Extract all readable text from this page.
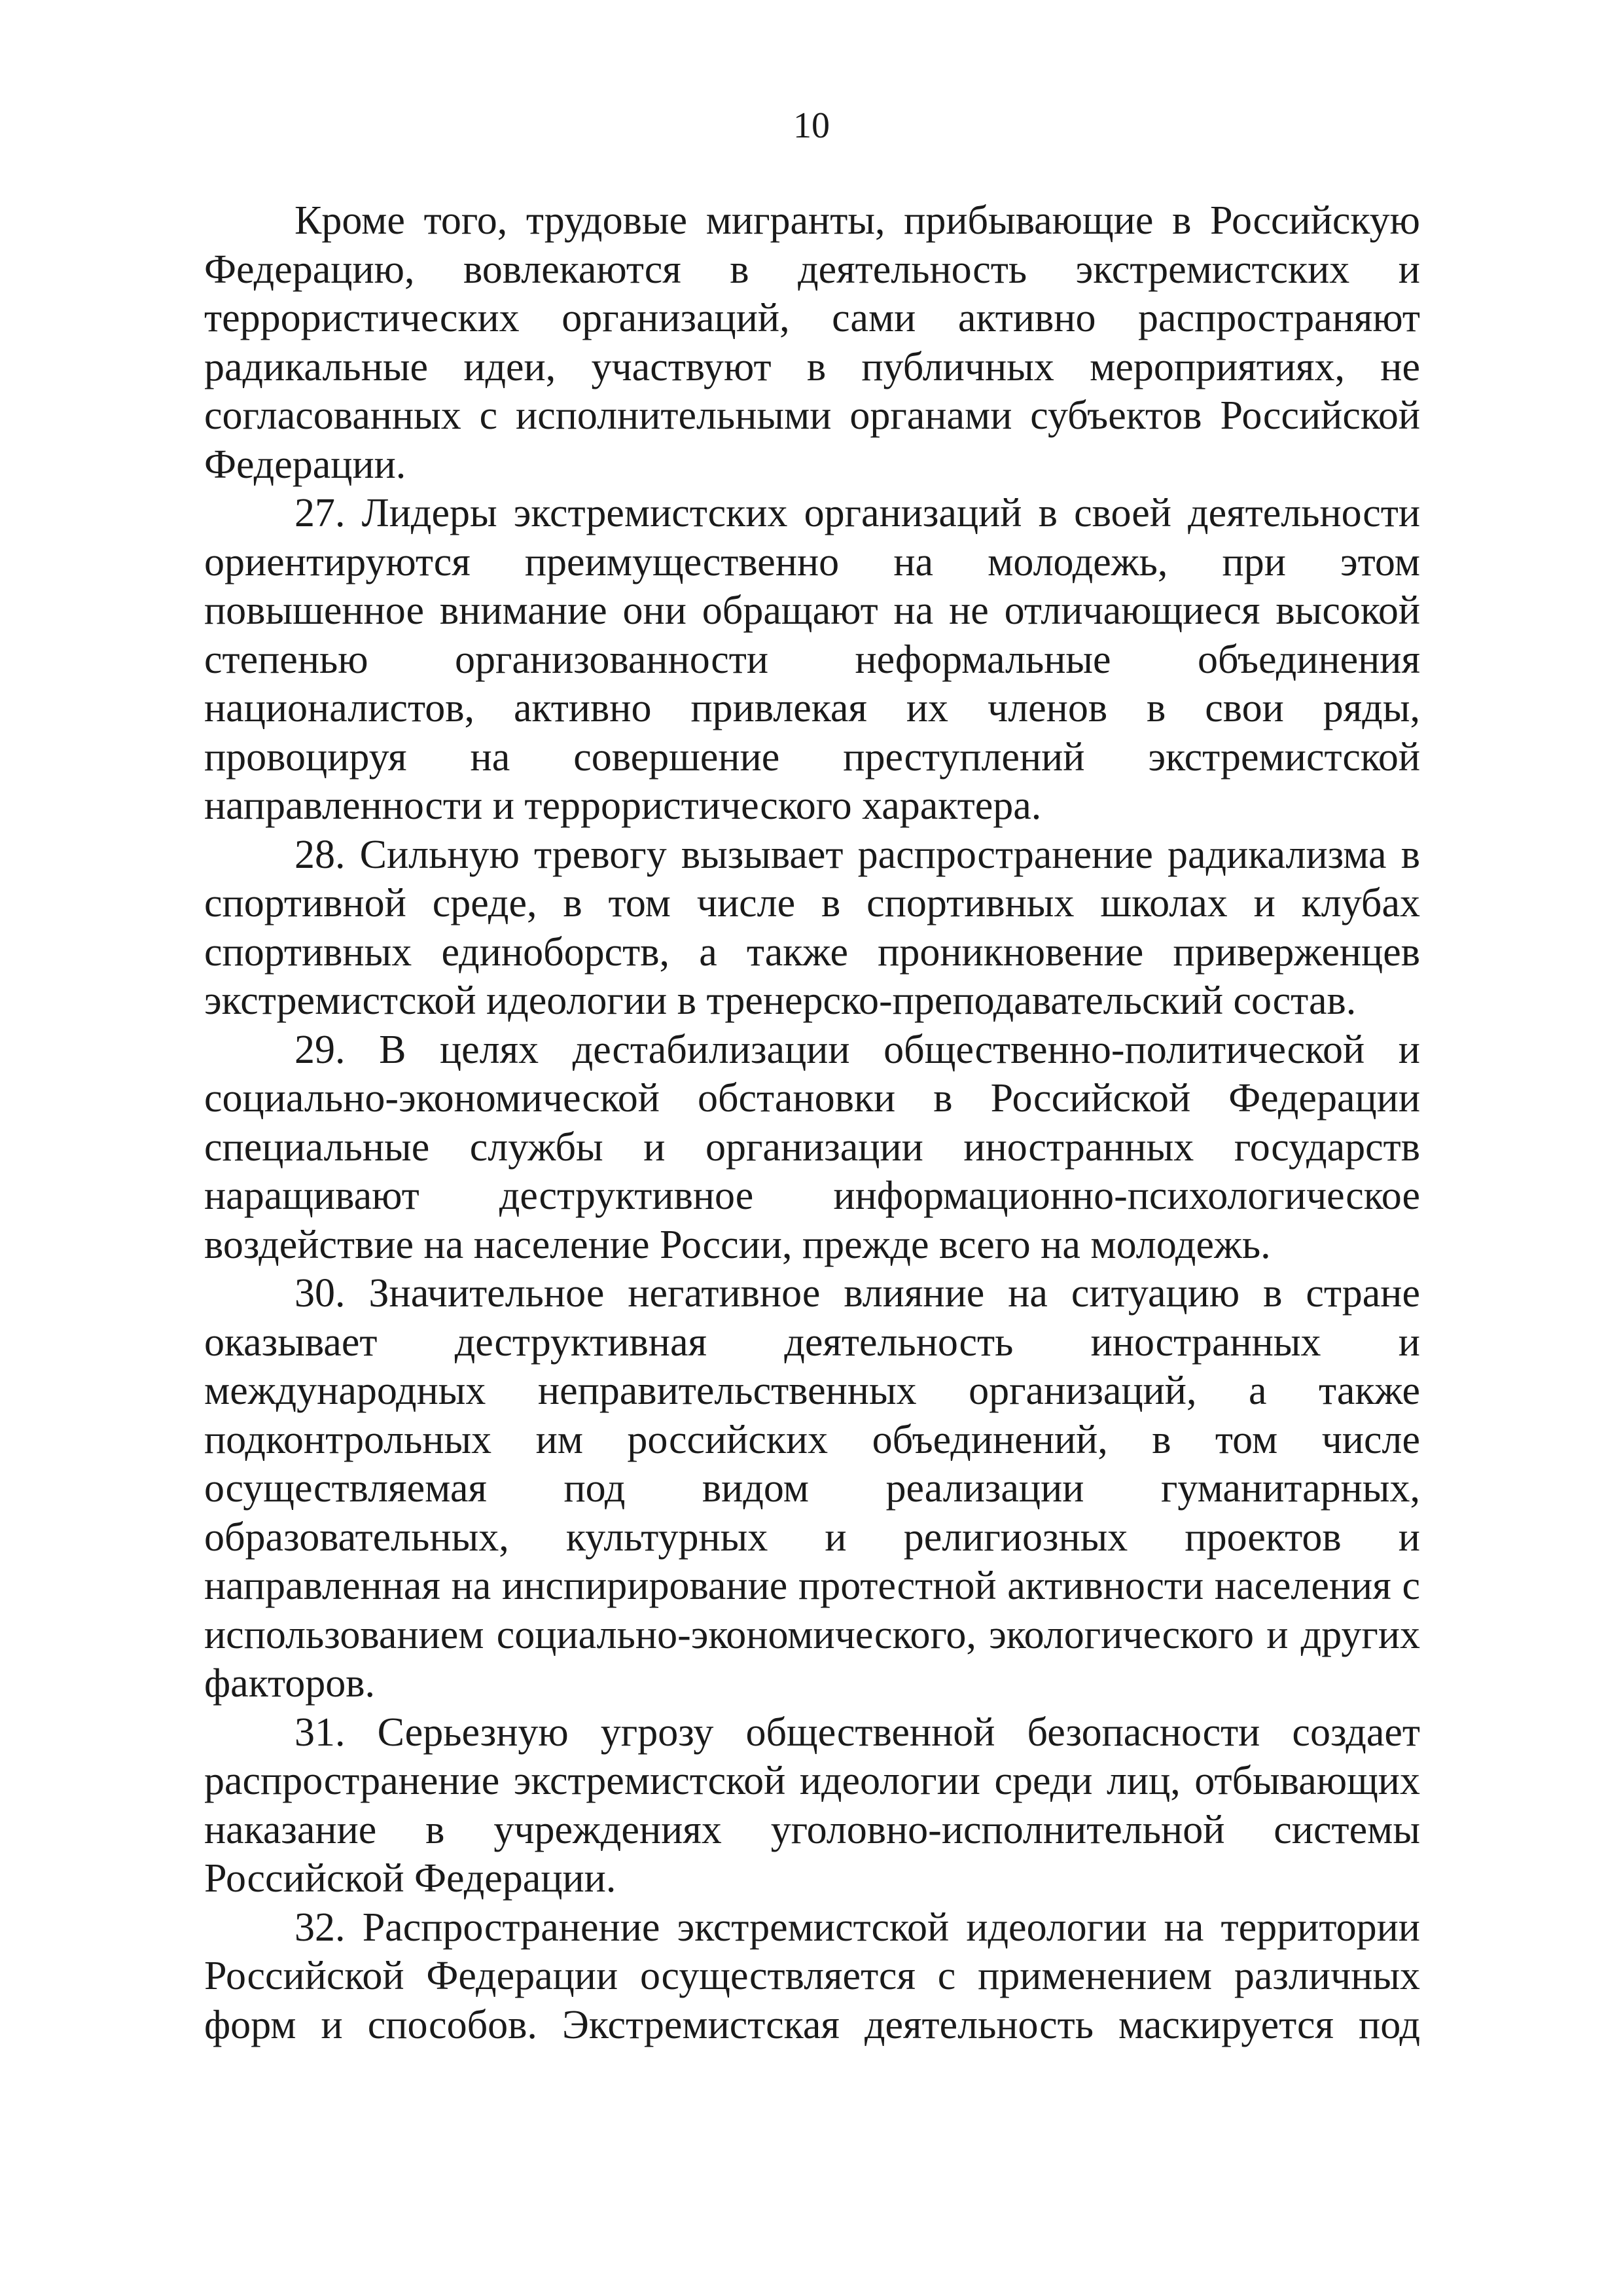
10

Кроме того, трудовые мигранты, прибывающие в Российскую Федерацию, вовлекаются в деятельность экстремистских и террористических организаций, сами активно распространяют радикальные идеи, участвуют в публичных мероприятиях, не согласованных с исполнительными органами субъектов Российской Федерации.

27. Лидеры экстремистских организаций в своей деятельности ориентируются преимущественно на молодежь, при этом повышенное внимание они обращают на не отличающиеся высокой степенью организованности неформальные объединения националистов, активно привлекая их членов в свои ряды, провоцируя на совершение преступлений экстремистской направленности и террористического характера.

28. Сильную тревогу вызывает распространение радикализма в спортивной среде, в том числе в спортивных школах и клубах спортивных единоборств, а также проникновение приверженцев экстремистской идеологии в тренерско-преподавательский состав.

29. В целях дестабилизации общественно-политической и социально-экономической обстановки в Российской Федерации специальные службы и организации иностранных государств наращивают деструктивное информационно-психологическое воздействие на население России, прежде всего на молодежь.

30. Значительное негативное влияние на ситуацию в стране оказывает деструктивная деятельность иностранных и международных неправительственных организаций, а также подконтрольных им российских объединений, в том числе осуществляемая под видом реализации гуманитарных, образовательных, культурных и религиозных проектов и направленная на инспирирование протестной активности населения с использованием социально-экономического, экологического и других факторов.

31. Серьезную угрозу общественной безопасности создает распространение экстремистской идеологии среди лиц, отбывающих наказание в учреждениях уголовно-исполнительной системы Российской Федерации.

32. Распространение экстремистской идеологии на территории Российской Федерации осуществляется с применением различных форм и способов. Экстремистская деятельность маскируется под
